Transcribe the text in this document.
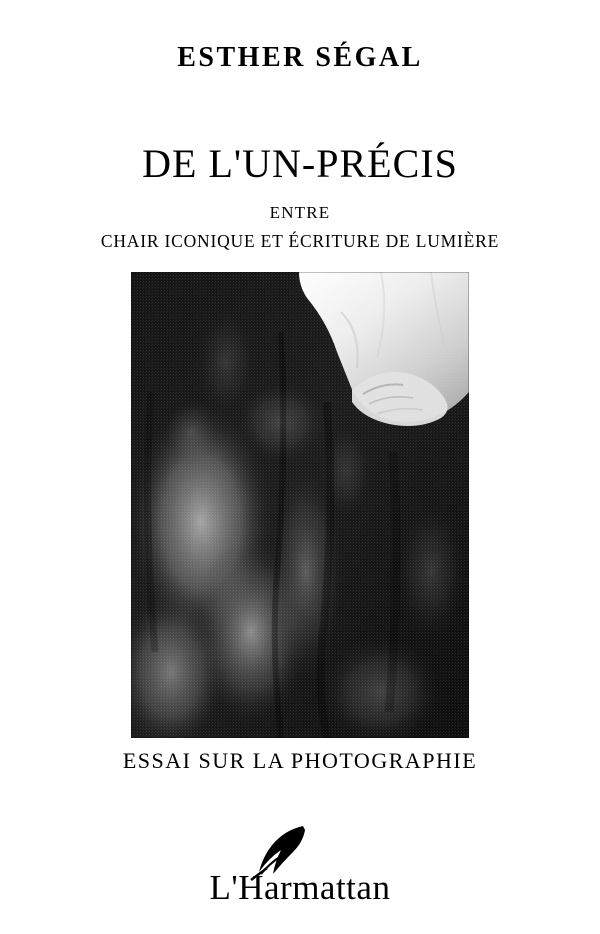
ESTHER SÉGAL
DE L'UN-PRÉCIS
ENTRE
CHAIR ICONIQUE ET ÉCRITURE DE LUMIÈRE
ESSAI SUR LA PHOTOGRAPHIE
L'Harmattan
